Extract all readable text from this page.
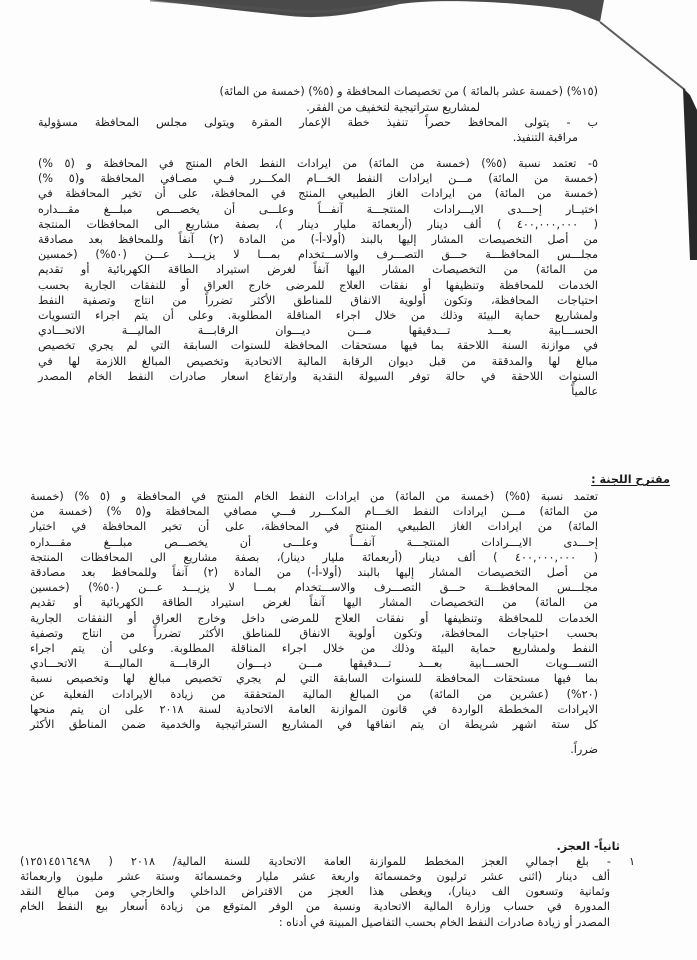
(١٥%) (خمسة عشر بالمائة ) من تخصيصات المحافظة و (٥%) (خمسة من المائة)
لمشاريع ستراتيجية لتخفيف من الفقر.
ب - يتولى المحافظ حصراً تنفيذ خطة الإعمار المقرة ويتولى مجلس المحافظة مسؤولية
مراقبة التنفيذ.
٥- تعتمد نسبة (٥%) (خمسة من المائة) من ايرادات النفط الخام المنتج في المحافظة و (٥ %)
(خمسة من المائة) مـــن ايرادات النفط الخـــام المكـــرر فــي مصـافي المحافظة و(٥ %)
(خمسة من المائة) من ايرادات الغاز الطبيعي المنتج في المحافظة، على أن تخير المحافظة في
اختيــار إحـــدى الايـــرادات المنتجـــة آنفـــاً وعلـــى أن يخصـــص مبلـــغ مقـــداره
( ٤٠٠,٠٠٠,٠٠٠ ) ألف دينار (أربعمائة مليار دينار )، بصفة مشاريع الى المحافظات المنتجة
من أصل التخصيصات المشار إليها بالبند (أولا-أ-) من المادة (٢) آنفاً وللمحافظ بعد مصادقة
مجلـــس المحافظـــة حـــق التصـــرف والاســـتخدام بمـــا لا يزيـــد عـــن (٥٠%) (خمسين
من المائة) من التخصيصات المشار اليها آنفاً لغرض استيراد الطاقة الكهربائية أو تقديم
الخدمات للمحافظة وتنظيفها أو نفقات العلاج للمرضى خارج العراق أو للنفقات الجارية بحسب
احتياجات المحافظة، وتكون أولوية الانفاق للمناطق الأكثر تضرراً من انتاج وتصفية النفط
ولمشاريع حماية البيئة وذلك من خلال اجراء المناقلة المطلوبة. وعلى أن يتم اجراء التسويات
الحســـابية بعـــد تـــدقيقها مـــن ديـــوان الرقابـــة الماليـــة الاتحـــادي
في موازنة السنة اللاحقة بما فيها مستحقات المحافظة للسنوات السابقة التي لم يجري تخصيص
مبالغ لها والمدققة من قبل ديوان الرقابة المالية الاتحادية وتخصيص المبالغ اللازمة لها في
السنوات اللاحقة في حالة توفر السيولة النقدية وارتفاع اسعار صادرات النفط الخام المصدر
عالمياً
مقترح اللجنة :
تعتمد نسبة (٥%) (خمسة من المائة) من ايرادات النفط الخام المنتج في المحافظة و (٥ %) (خمسة
من المائة) مـــن ايرادات النفط الخـــام المكـــرر فـــي مصافي المحافظة و(٥ %) (خمسة من
المائة) من ايرادات الغاز الطبيعي المنتج في المحافظة، على أن تخير المحافظة في اختيار
إحـــدى الايـــرادات المنتجـــة آنفـــاً وعلـــى أن يخصـــص مبلـــغ مقـــداره
( ٤٠٠,٠٠٠,٠٠٠ ) ألف دينار (أربعمائة مليار دينار)، بصفة مشاريع الى المحافظات المنتجة
من أصل التخصيصات المشار إليها بالبند (أولا-أ-) من المادة (٢) آنفاً وللمحافظ بعد مصادقة
مجلـــس المحافظـــة حـــق التصـــرف والاســـتخدام بمـــا لا يزيـــد عـــن (٥٠%) (خمسين
من المائة) من التخصيصات المشار اليها آنفاً لغرض استيراد الطاقة الكهربائية أو تقديم
الخدمات للمحافظة وتنظيفها أو نفقات العلاج للمرضى داخل وخارج العراق أو النفقات الجارية
بحسب احتياجات المحافظة، وتكون أولوية الانفاق للمناطق الأكثر تضرراً من انتاج وتصفية
النفط ولمشاريع حماية البيئة وذلك من خلال اجراء المناقلة المطلوبة. وعلى أن يتم اجراء
التســـويات الحســـابية بعـــد تـــدقيقها مـــن ديـــوان الرقابـــة الماليـــة الاتحـــادي
بما فيها مستحقات المحافظة للسنوات السابقة التي لم يجري تخصيص مبالغ لها وتخصيص نسبة
(٢٠%) (عشرين من المائة) من المبالغ المالية المتحققة من زيادة الايرادات الفعلية عن
الايرادات المخططة الواردة في قانون الموازنة العامة الاتحادية لسنة ٢٠١٨ على ان يتم منحها
كل ستة اشهر شريطة ان يتم انفاقها في المشاريع الستراتيجية والخدمية ضمن المناطق الأكثر
ضرراً.
ثانياً- العجز.
١ - بلغ اجمالي العجز المخطط للموازنة العامة الاتحادية للسنة المالية/ ٢٠١٨ ( ١٢٥١٤٥١٦٤٩٨)
ألف دينار (اثنى عشر ترليون وخمسمائة واربعة عشر مليار وخمسمائة وستة عشر مليون واربعمائة
وثمانية وتسعون الف دينار)، ويغطى هذا العجز من الاقتراض الداخلي والخارجي ومن مبالغ النقد
المدورة في حساب وزارة المالية الاتحادية ونسبة من الوفر المتوقع من زيادة أسعار بيع النفط الخام
المصدر أو زيادة صادرات النفط الخام بحسب التفاصيل المبينة في أدناه :
